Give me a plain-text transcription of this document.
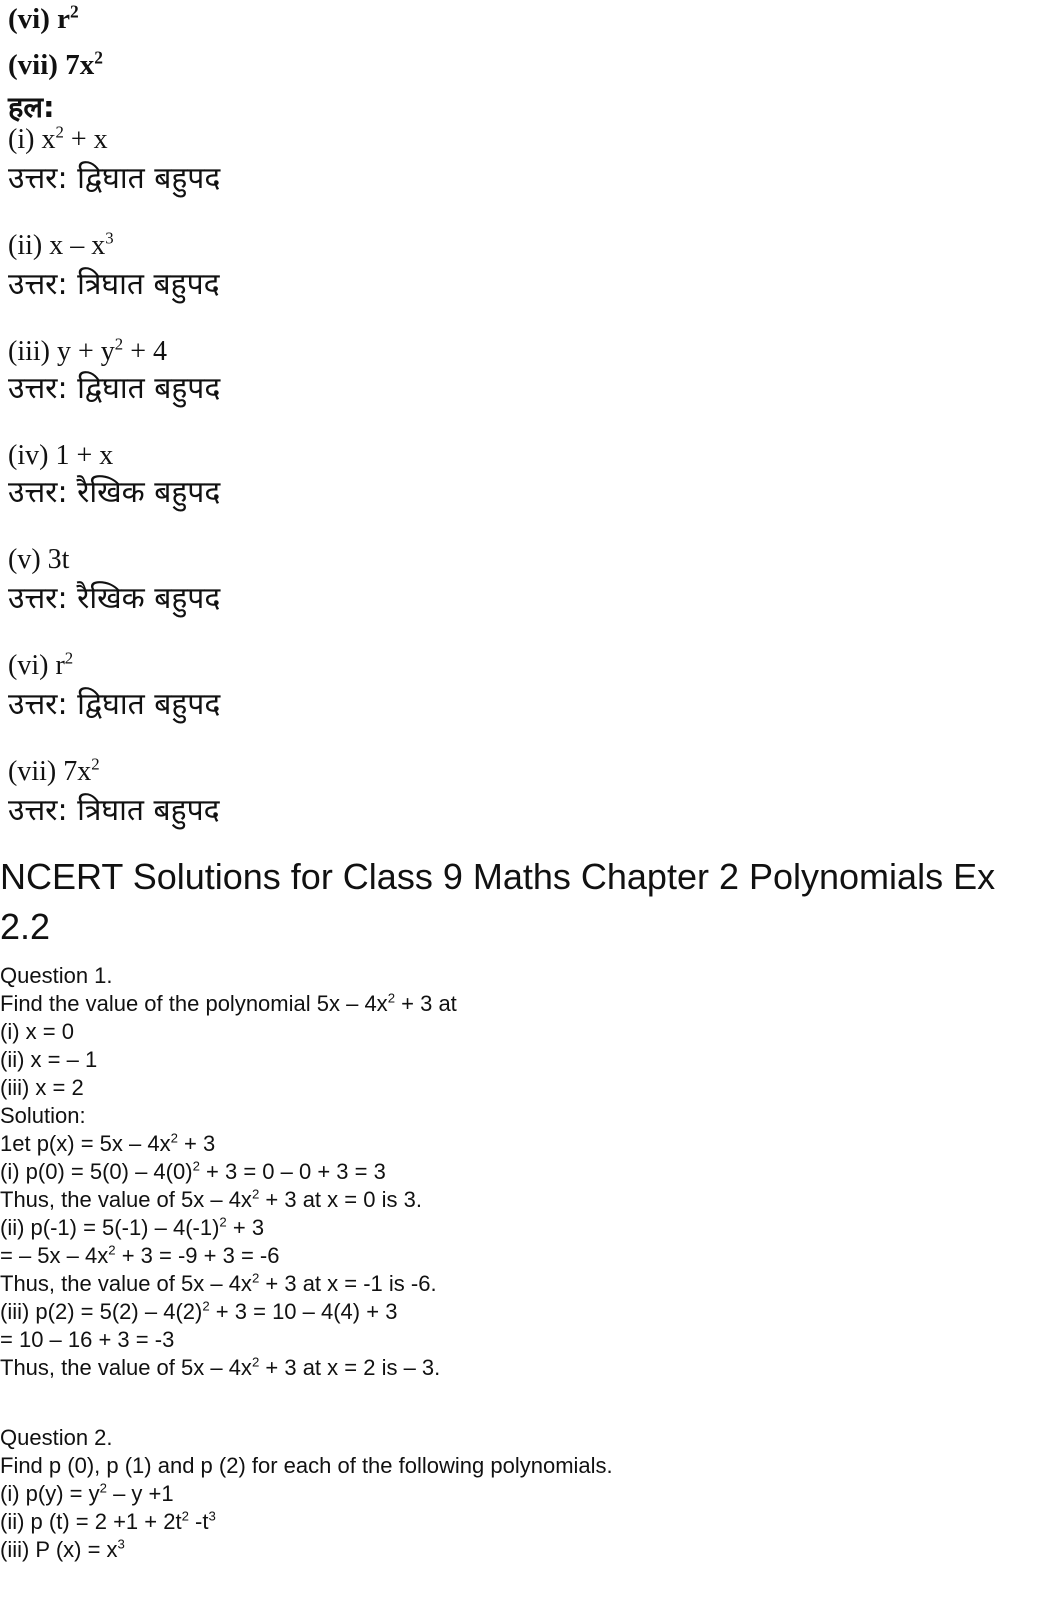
(vi) $r^2$
(vii) $7x^2$
हल:
(i) $x^2 + x$
उत्तर: द्विघात बहुपद
(ii) x – $x^3$
उत्तर: त्रिघात बहुपद
(iii) $y + y^2 + 4$
उत्तर: द्विघात बहुपद
(iv) 1 + x
उत्तर: रैखिक बहुपद
(v) 3t
उत्तर: रैखिक बहुपद
(vi) $r^2$
उत्तर: द्विघात बहुपद
(vii) $7x^2$
उत्तर: त्रिघात बहुपद
NCERT Solutions for Class 9 Maths Chapter 2 Polynomials Ex 2.2
Question 1.
Find the value of the polynomial $5x - 4x^2 + 3$ at
(i) x = 0
(ii) x = – 1
(iii) x = 2
Solution:
1et $p(x) = 5x - 4x^2 + 3$
(i) $p(0) = 5(0) - 4(0)^2 + 3 = 0 - 0 + 3 = 3$
Thus, the value of $5x - 4x^2 + 3$ at x = 0 is 3.
(ii) $p(-1) = 5(-1) - 4(-1)^2 + 3$
= – $5x - 4x^2 + 3 = -9 + 3 = -6$
Thus, the value of $5x - 4x^2 + 3$ at x = -1 is -6.
(iii) $p(2) = 5(2) - 4(2)^2 + 3 = 10 - 4(4) + 3$
= 10 – 16 + 3 = -3
Thus, the value of $5x - 4x^2 + 3$ at x = 2 is – 3.
Question 2.
Find p (0), p (1) and p (2) for each of the following polynomials.
(i) $p(y) = y^2 - y +1$
(ii) p $(t) = 2 +1 + 2t^2$ $-t^3$
(iii) P $(x) = x^3$
